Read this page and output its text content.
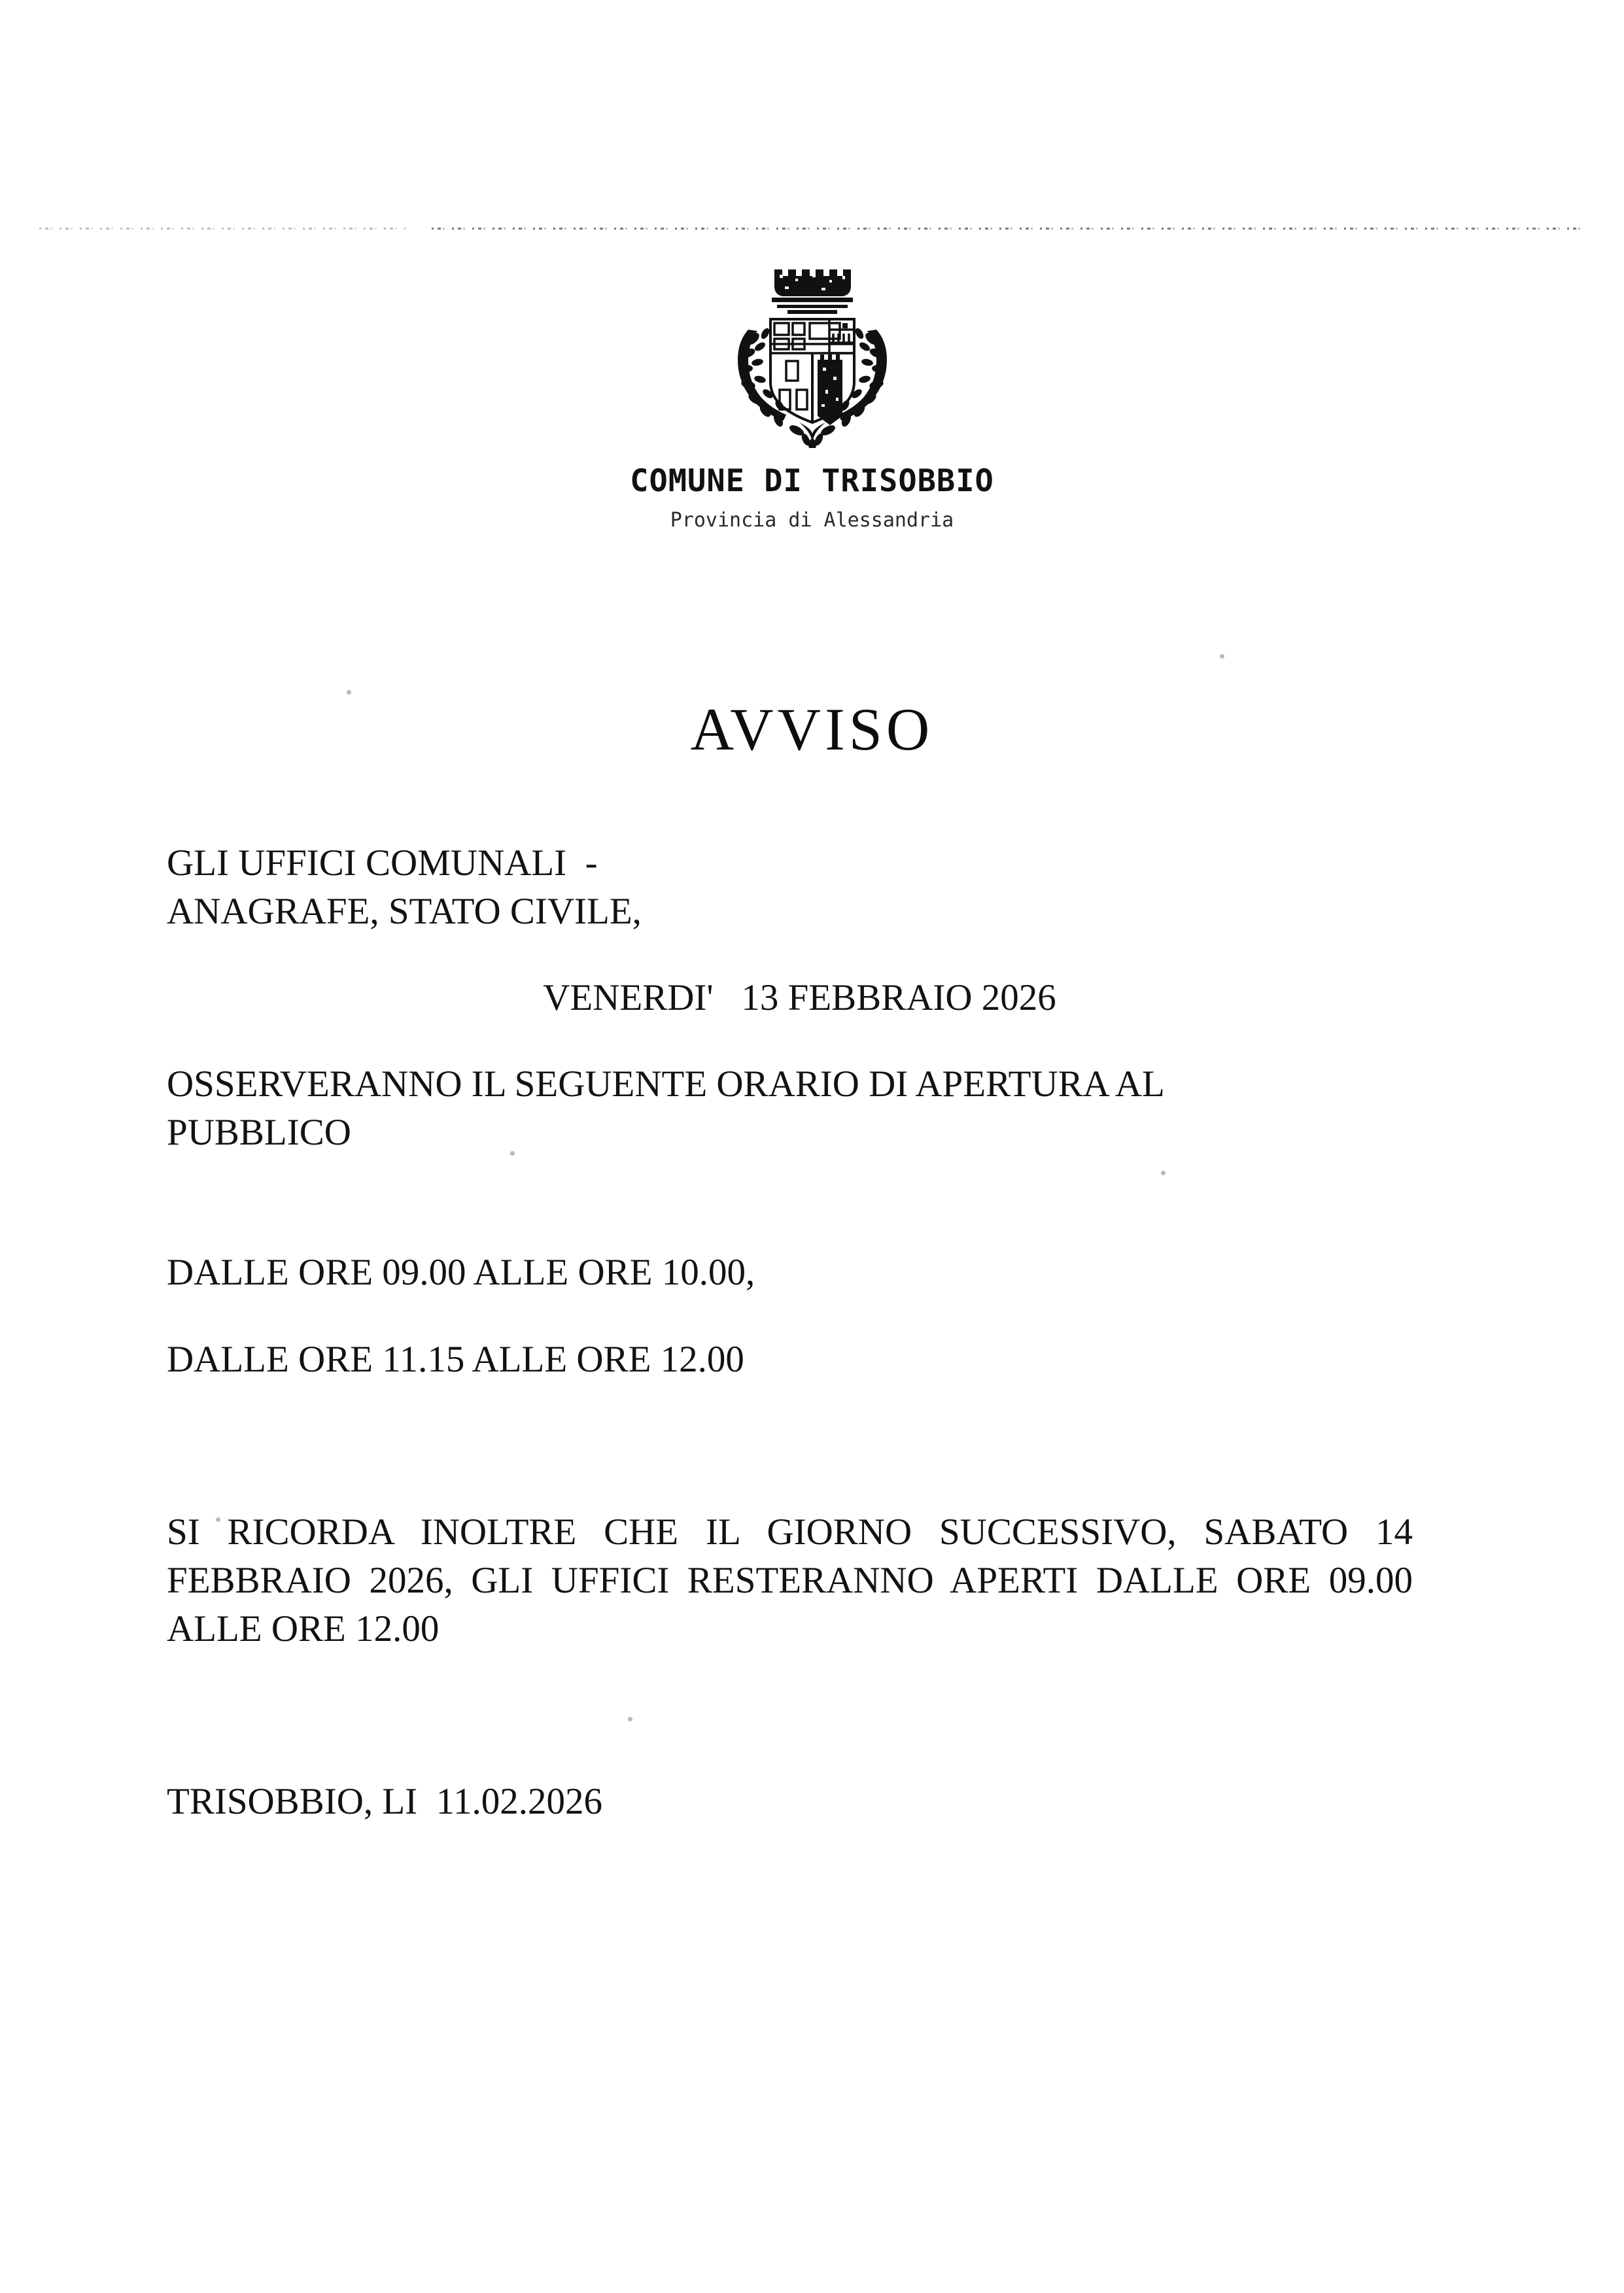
COMUNE DI TRISOBBIO
Provincia di Alessandria
AVVISO
GLI UFFICI COMUNALI  -
ANAGRAFE, STATO CIVILE,
VENERDI'   13 FEBBRAIO 2026
OSSERVERANNO IL SEGUENTE ORARIO DI APERTURA AL
PUBBLICO
DALLE ORE 09.00 ALLE ORE 10.00,
DALLE ORE 11.15 ALLE ORE 12.00
SI RICORDA INOLTRE CHE IL GIORNO SUCCESSIVO, SABATO 14 FEBBRAIO 2026, GLI UFFICI RESTERANNO APERTI DALLE ORE 09.00 ALLE ORE 12.00
TRISOBBIO, LI  11.02.2026
